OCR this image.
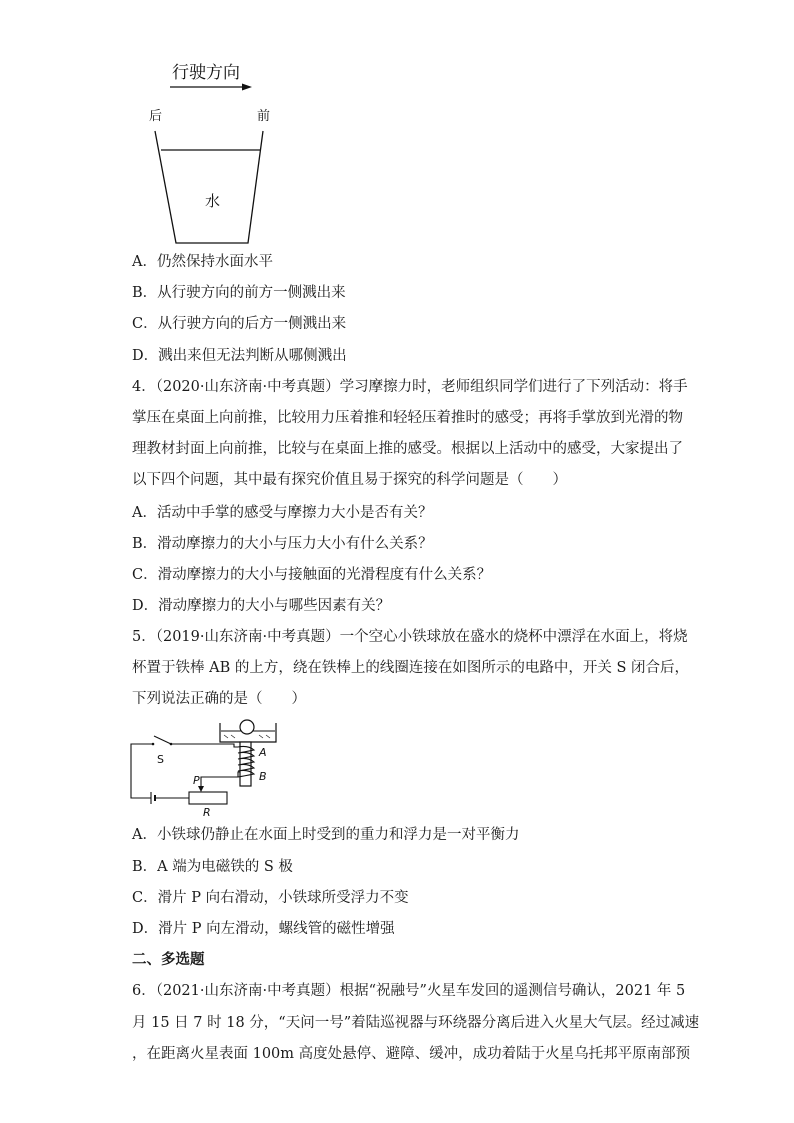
行驶方向
后	前
水
A．仍然保持水面水平
B．从行驶方向的前方一侧溅出来
C．从行驶方向的后方一侧溅出来
D．溅出来但无法判断从哪侧溅出
4．（2020·山东济南·中考真题）学习摩擦力时，老师组织同学们进行了下列活动：将手
掌压在桌面上向前推，比较用力压着推和轻轻压着推时的感受；再将手掌放到光滑的物
理教材封面上向前推，比较与在桌面上推的感受。根据以上活动中的感受，大家提出了
以下四个问题，其中最有探究价值且易于探究的科学问题是（　　）
A．活动中手掌的感受与摩擦力大小是否有关？
B．滑动摩擦力的大小与压力大小有什么关系？
C．滑动摩擦力的大小与接触面的光滑程度有什么关系？
D．滑动摩擦力的大小与哪些因素有关？
5．（2019·山东济南·中考真题）一个空心小铁球放在盛水的烧杯中漂浮在水面上，将烧
杯置于铁棒 AB 的上方，绕在铁棒上的线圈连接在如图所示的电路中，开关 S 闭合后，
下列说法正确的是（　　）
A
B
S
P
R
A．小铁球仍静止在水面上时受到的重力和浮力是一对平衡力
B．A 端为电磁铁的 S 极
C．滑片 P 向右滑动，小铁球所受浮力不变
D．滑片 P 向左滑动，螺线管的磁性增强
二、多选题
6．（2021·山东济南·中考真题）根据“祝融号”火星车发回的遥测信号确认，2021 年 5
月 15 日 7 时 18 分，“天问一号”着陆巡视器与环绕器分离后进入火星大气层。经过减速
，在距离火星表面 100m 高度处悬停、避障、缓冲，成功着陆于火星乌托邦平原南部预
